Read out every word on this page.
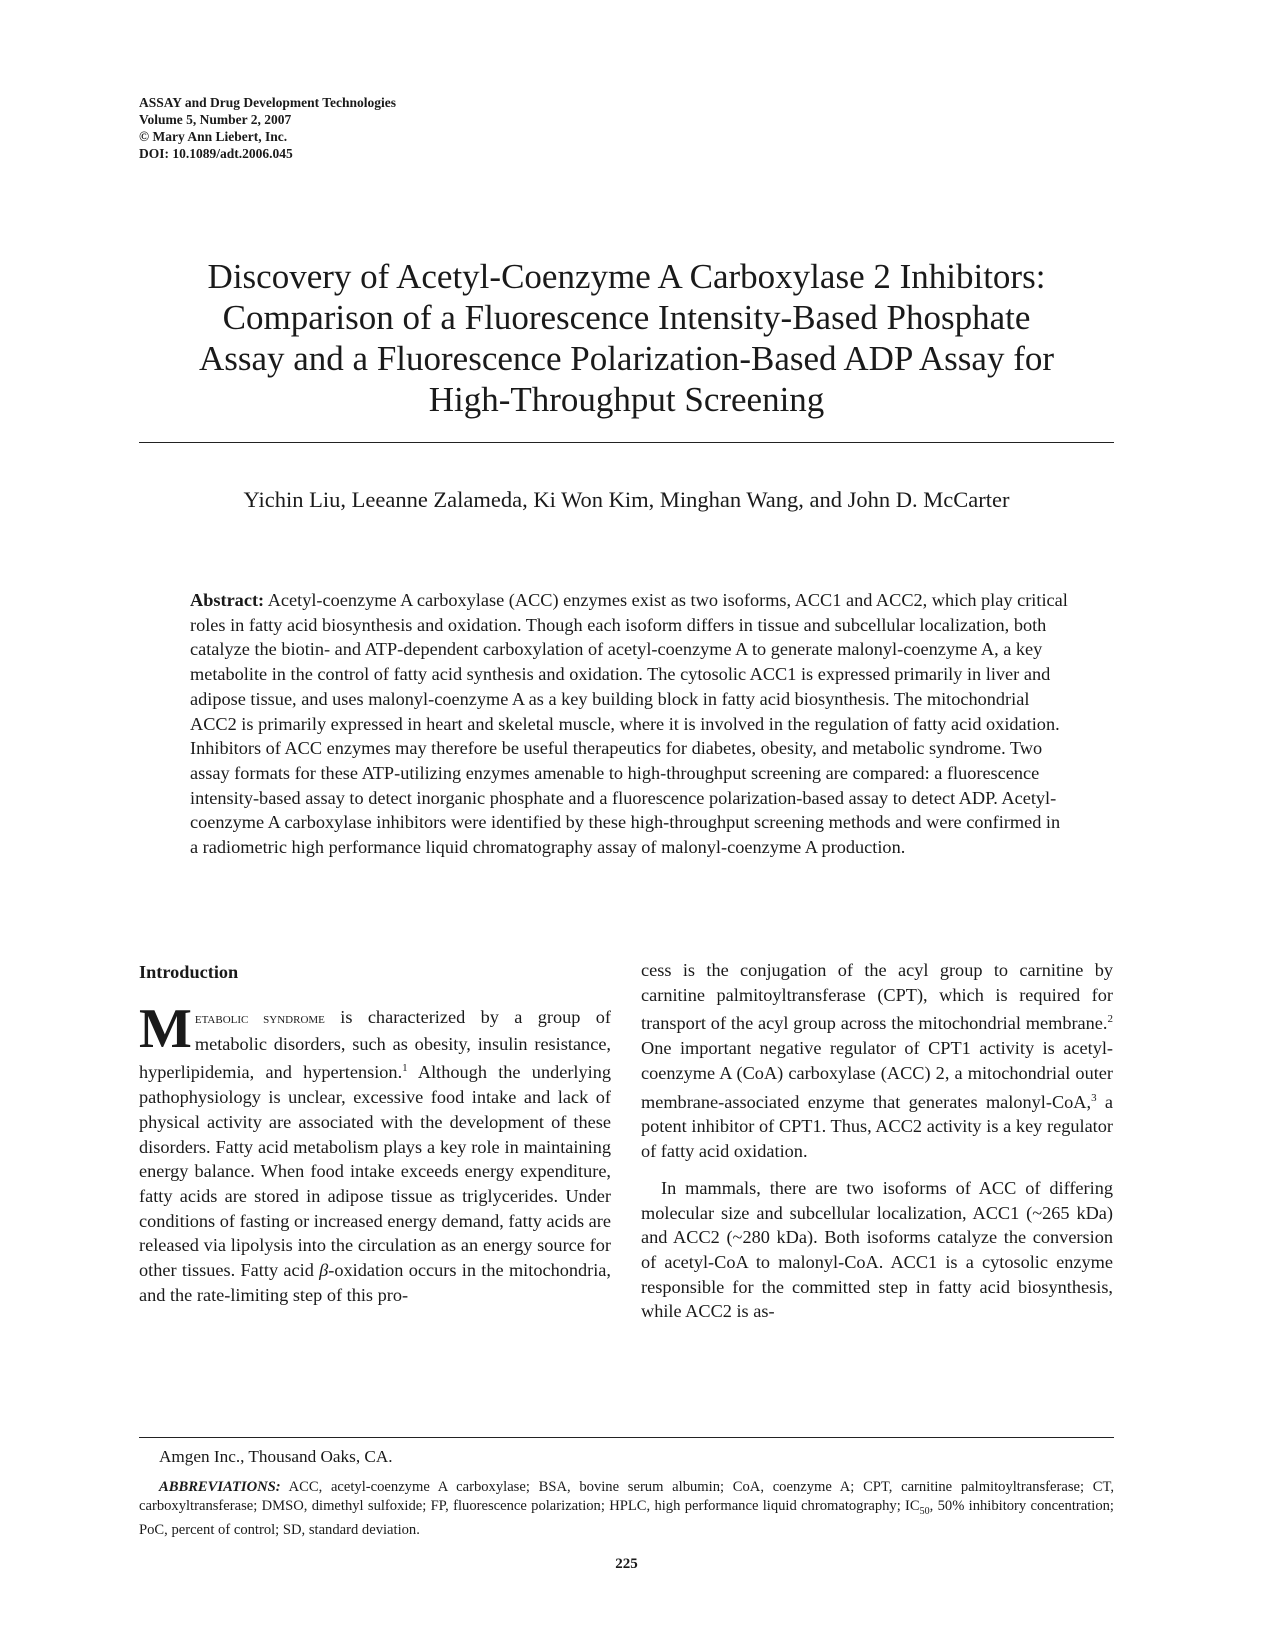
ASSAY and Drug Development Technologies
Volume 5, Number 2, 2007
© Mary Ann Liebert, Inc.
DOI: 10.1089/adt.2006.045
Discovery of Acetyl-Coenzyme A Carboxylase 2 Inhibitors:
Comparison of a Fluorescence Intensity-Based Phosphate
Assay and a Fluorescence Polarization-Based ADP Assay for
High-Throughput Screening
Yichin Liu, Leeanne Zalameda, Ki Won Kim, Minghan Wang, and John D. McCarter

Abstract: Acetyl-coenzyme A carboxylase (ACC) enzymes exist as two isoforms, ACC1 and ACC2, which play critical roles in fatty acid biosynthesis and oxidation. Though each isoform differs in tissue and subcellular localization, both catalyze the biotin- and ATP-dependent carboxylation of acetyl-coenzyme A to generate malonyl-coenzyme A, a key metabolite in the control of fatty acid synthesis and oxidation. The cytosolic ACC1 is expressed primarily in liver and adipose tissue, and uses malonyl-coenzyme A as a key building block in fatty acid biosynthesis. The mitochondrial ACC2 is primarily expressed in heart and skeletal muscle, where it is involved in the regulation of fatty acid oxidation. Inhibitors of ACC enzymes may therefore be useful therapeutics for diabetes, obesity, and metabolic syndrome. Two assay formats for these ATP-utilizing enzymes amenable to high-throughput screening are compared: a fluorescence intensity-based assay to detect inorganic phosphate and a fluorescence polarization-based assay to detect ADP. Acetyl-coenzyme A carboxylase inhibitors were identified by these high-throughput screening methods and were confirmed in a radiometric high performance liquid chromatography assay of malonyl-coenzyme A production.

Introduction

Metabolic syndrome is characterized by a group of metabolic disorders, such as obesity, insulin resistance, hyperlipidemia, and hypertension.$^1$ Although the underlying pathophysiology is unclear, excessive food intake and lack of physical activity are associated with the development of these disorders. Fatty acid metabolism plays a key role in maintaining energy balance. When food intake exceeds energy expenditure, fatty acids are stored in adipose tissue as triglycerides. Under conditions of fasting or increased energy demand, fatty acids are released via lipolysis into the circulation as an energy source for other tissues. Fatty acid β-oxidation occurs in the mitochondria, and the rate-limiting step of this pro-

cess is the conjugation of the acyl group to carnitine by carnitine palmitoyltransferase (CPT), which is required for transport of the acyl group across the mitochondrial membrane.$^2$ One important negative regulator of CPT1 activity is acetyl-coenzyme A (CoA) carboxylase (ACC) 2, a mitochondrial outer membrane-associated enzyme that generates malonyl-CoA,$^3$ a potent inhibitor of CPT1. Thus, ACC2 activity is a key regulator of fatty acid oxidation.

In mammals, there are two isoforms of ACC of differing molecular size and subcellular localization, ACC1 (~265 kDa) and ACC2 (~280 kDa). Both isoforms catalyze the conversion of acetyl-CoA to malonyl-CoA. ACC1 is a cytosolic enzyme responsible for the committed step in fatty acid biosynthesis, while ACC2 is as-

Amgen Inc., Thousand Oaks, CA.

ABBREVIATIONS: ACC, acetyl-coenzyme A carboxylase; BSA, bovine serum albumin; CoA, coenzyme A; CPT, carnitine palmitoyltransferase; CT, carboxyltransferase; DMSO, dimethyl sulfoxide; FP, fluorescence polarization; HPLC, high performance liquid chromatography; $IC_{50}$, 50% inhibitory concentration; PoC, percent of control; SD, standard deviation.

225
